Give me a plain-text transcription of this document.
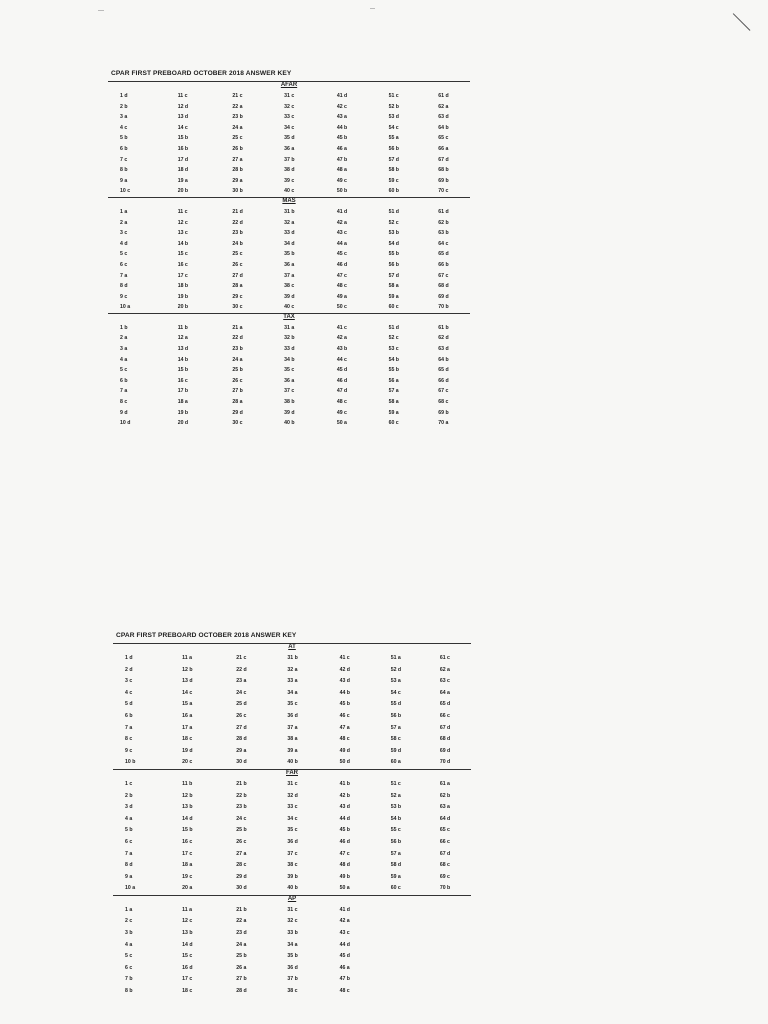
CPAR FIRST PREBOARD OCTOBER 2018 ANSWER KEY
AFAR
1 d
2 b
3 a
4 c
5 b
6 b
7 c
8 b
9 a
10 c
11 c
12 d
13 d
14 c
15 b
16 b
17 d
18 d
19 a
20 b
21 c
22 a
23 b
24 a
25 c
26 b
27 a
28 b
29 a
30 b
31 c
32 c
33 c
34 c
35 d
36 a
37 b
38 d
39 c
40 c
41 d
42 c
43 a
44 b
45 b
46 a
47 b
48 a
49 c
50 b
51 c
52 b
53 d
54 c
55 a
56 b
57 d
58 b
59 c
60 b
61 d
62 a
63 d
64 b
65 c
66 a
67 d
68 b
69 b
70 c
MAS
1 a
2 a
3 c
4 d
5 c
6 c
7 a
8 d
9 c
10 a
11 c
12 c
13 c
14 b
15 c
16 c
17 c
18 b
19 b
20 b
21 d
22 d
23 b
24 b
25 c
26 c
27 d
28 a
29 c
30 c
31 b
32 a
33 d
34 d
35 b
36 a
37 a
38 c
39 d
40 c
41 d
42 a
43 c
44 a
45 c
46 d
47 c
48 c
49 a
50 c
51 d
52 c
53 b
54 d
55 b
56 b
57 d
58 a
59 a
60 c
61 d
62 b
63 b
64 c
65 d
66 b
67 c
68 d
69 d
70 b
TAX
1 b
2 a
3 a
4 a
5 c
6 b
7 a
8 c
9 d
10 d
11 b
12 a
13 d
14 b
15 b
16 c
17 b
18 a
19 b
20 d
21 a
22 d
23 b
24 a
25 b
26 c
27 b
28 a
29 d
30 c
31 a
32 b
33 d
34 b
35 c
36 a
37 c
38 b
39 d
40 b
41 c
42 a
43 b
44 c
45 d
46 d
47 d
48 c
49 c
50 a
51 d
52 c
53 c
54 b
55 b
56 a
57 a
58 a
59 a
60 c
61 b
62 d
63 d
64 b
65 d
66 d
67 c
68 c
69 b
70 a
CPAR FIRST PREBOARD OCTOBER 2018 ANSWER KEY
AT
1 d
2 d
3 c
4 c
5 d
6 b
7 a
8 c
9 c
10 b
11 a
12 b
13 d
14 c
15 a
16 a
17 a
18 c
19 d
20 c
21 c
22 d
23 a
24 c
25 d
26 c
27 d
28 d
29 a
30 d
31 b
32 a
33 a
34 a
35 c
36 d
37 a
38 a
39 a
40 b
41 c
42 d
43 d
44 b
45 b
46 c
47 a
48 c
49 d
50 d
51 a
52 d
53 a
54 c
55 d
56 b
57 a
58 c
59 d
60 a
61 c
62 a
63 c
64 a
65 d
66 c
67 d
68 d
69 d
70 d
FAR
1 c
2 b
3 d
4 a
5 b
6 c
7 a
8 d
9 a
10 a
11 b
12 b
13 b
14 d
15 b
16 c
17 c
18 a
19 c
20 a
21 b
22 b
23 b
24 c
25 b
26 c
27 a
28 c
29 d
30 d
31 c
32 d
33 c
34 c
35 c
36 d
37 c
38 c
39 b
40 b
41 b
42 b
43 d
44 d
45 b
46 d
47 c
48 d
49 b
50 a
51 c
52 a
53 b
54 b
55 c
56 b
57 a
58 d
59 a
60 c
61 a
62 b
63 a
64 d
65 c
66 c
67 d
68 c
69 c
70 b
AP
1 a
2 c
3 b
4 a
5 c
6 c
7 b
8 b
11 a
12 c
13 b
14 d
15 c
16 d
17 c
18 c
21 b
22 a
23 d
24 a
25 b
26 a
27 b
28 d
31 c
32 c
33 b
34 a
35 b
36 d
37 b
38 c
41 d
42 a
43 c
44 d
45 d
46 a
47 b
48 c
